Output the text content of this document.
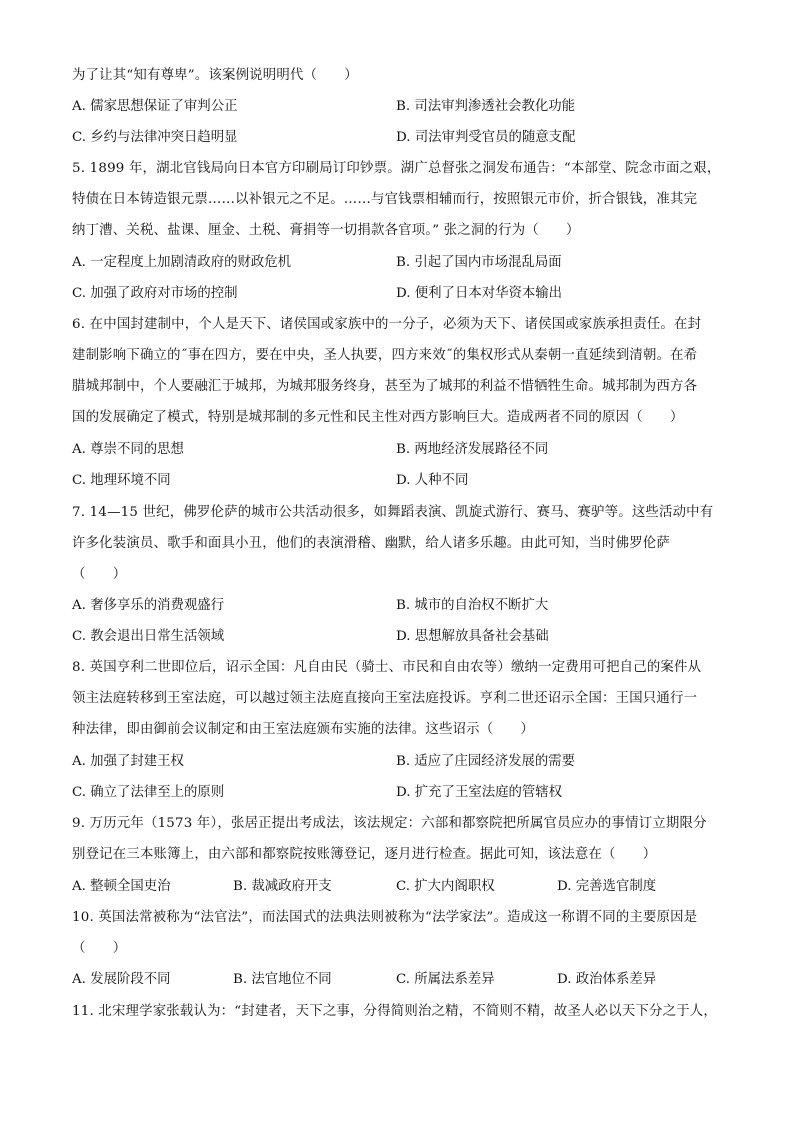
为了让其“知有尊卑”。该案例说明明代（　　）
A. 儒家思想保证了审判公正	B. 司法审判渗透社会教化功能
C. 乡约与法律冲突日趋明显	D. 司法审判受官员的随意支配
5. 1899 年，湖北官钱局向日本官方印刷局订印钞票。湖广总督张之洞发布通告：“本部堂、院念市面之艰，
特债在日本铸造银元票……以补银元之不足。……与官钱票相辅而行，按照银元市价，折合银钱，准其完
纳丁漕、关税、盐课、厘金、土税、膏捐等一切捐款各官项。” 张之洞的行为（　　）
A. 一定程度上加剧清政府的财政危机	B. 引起了国内市场混乱局面
C. 加强了政府对市场的控制	D. 便利了日本对华资本输出
6. 在中国封建制中，个人是天下、诸侯国或家族中的一分子，必须为天下、诸侯国或家族承担责任。在封
建制影响下确立的˝事在四方，要在中央，圣人执要，四方来效˝的集权形式从秦朝一直延续到清朝。在希
腊城邦制中，个人要融汇于城邦，为城邦服务终身，甚至为了城邦的利益不惜牺牲生命。城邦制为西方各
国的发展确定了模式，特别是城邦制的多元性和民主性对西方影响巨大。造成两者不同的原因（　　）
A. 尊崇不同的思想	B. 两地经济发展路径不同
C. 地理环境不同	D. 人种不同
7. 14—15 世纪，佛罗伦萨的城市公共活动很多，如舞蹈表演、凯旋式游行、赛马、赛驴等。这些活动中有
许多化装演员、歌手和面具小丑，他们的表演滑稽、幽默，给人诸多乐趣。由此可知，当时佛罗伦萨
（　　）
A. 奢侈享乐的消费观盛行	B. 城市的自治权不断扩大
C. 教会退出日常生活领域	D. 思想解放具备社会基础
8. 英国亨利二世即位后，诏示全国：凡自由民（骑士、市民和自由农等）缴纳一定费用可把自己的案件从
领主法庭转移到王室法庭，可以越过领主法庭直接向王室法庭投诉。亨利二世还诏示全国：王国只通行一
种法律，即由御前会议制定和由王室法庭颁布实施的法律。这些诏示（　　）
A. 加强了封建王权	B. 适应了庄园经济发展的需要
C. 确立了法律至上的原则	D. 扩充了王室法庭的管辖权
9. 万历元年（1573 年），张居正提出考成法，该法规定：六部和都察院把所属官员应办的事情订立期限分
别登记在三本账簿上，由六部和都察院按账簿登记，逐月进行检查。据此可知，该法意在（　　）
A. 整顿全国吏治	B. 裁减政府开支	C. 扩大内阁职权	D. 完善选官制度
10. 英国法常被称为“法官法”，而法国式的法典法则被称为“法学家法”。造成这一称谓不同的主要原因是
（　　）
A. 发展阶段不同	B. 法官地位不同	C. 所属法系差异	D. 政治体系差异
11. 北宋理学家张载认为：“封建者，天下之事，分得简则治之精，不简则不精，故圣人必以天下分之于人，
